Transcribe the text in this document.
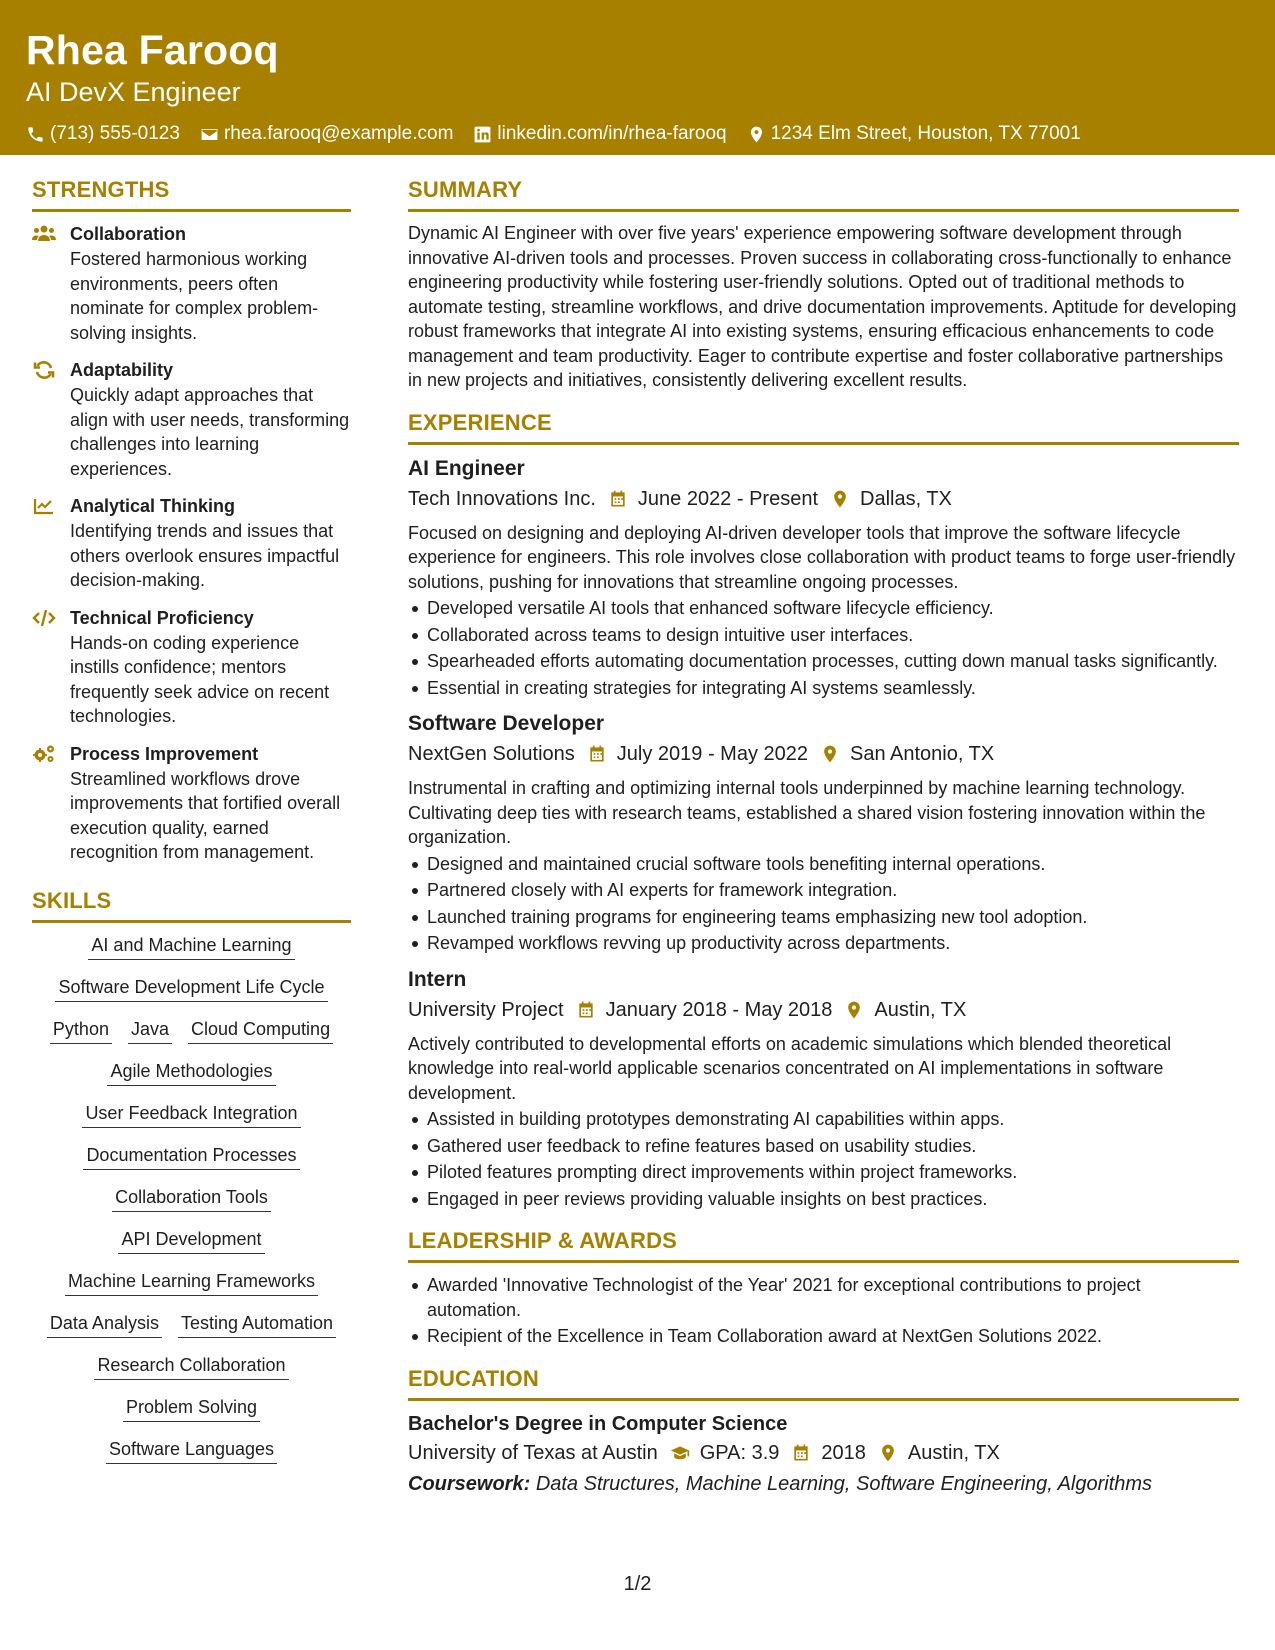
Rhea Farooq
AI DevX Engineer
(713) 555-0123 rhea.farooq@example.com linkedin.com/in/rhea-farooq 1234 Elm Street, Houston, TX 77001
STRENGTHS
Collaboration
Fostered harmonious working environments, peers often nominate for complex problem-solving insights.
Adaptability
Quickly adapt approaches that align with user needs, transforming challenges into learning experiences.
Analytical Thinking
Identifying trends and issues that others overlook ensures impactful decision-making.
Technical Proficiency
Hands-on coding experience instills confidence; mentors frequently seek advice on recent technologies.
Process Improvement
Streamlined workflows drove improvements that fortified overall execution quality, earned recognition from management.
SKILLS
AI and Machine Learning
Software Development Life Cycle
Python Java Cloud Computing
Agile Methodologies
User Feedback Integration
Documentation Processes
Collaboration Tools
API Development
Machine Learning Frameworks
Data Analysis Testing Automation
Research Collaboration
Problem Solving
Software Languages
SUMMARY
Dynamic AI Engineer with over five years' experience empowering software development through innovative AI-driven tools and processes. Proven success in collaborating cross-functionally to enhance engineering productivity while fostering user-friendly solutions. Opted out of traditional methods to automate testing, streamline workflows, and drive documentation improvements. Aptitude for developing robust frameworks that integrate AI into existing systems, ensuring efficacious enhancements to code management and team productivity. Eager to contribute expertise and foster collaborative partnerships in new projects and initiatives, consistently delivering excellent results.
EXPERIENCE
AI Engineer
Tech Innovations Inc. June 2022 - Present Dallas, TX
Focused on designing and deploying AI-driven developer tools that improve the software lifecycle experience for engineers. This role involves close collaboration with product teams to forge user-friendly solutions, pushing for innovations that streamline ongoing processes.
Developed versatile AI tools that enhanced software lifecycle efficiency.
Collaborated across teams to design intuitive user interfaces.
Spearheaded efforts automating documentation processes, cutting down manual tasks significantly.
Essential in creating strategies for integrating AI systems seamlessly.
Software Developer
NextGen Solutions July 2019 - May 2022 San Antonio, TX
Instrumental in crafting and optimizing internal tools underpinned by machine learning technology. Cultivating deep ties with research teams, established a shared vision fostering innovation within the organization.
Designed and maintained crucial software tools benefiting internal operations.
Partnered closely with AI experts for framework integration.
Launched training programs for engineering teams emphasizing new tool adoption.
Revamped workflows revving up productivity across departments.
Intern
University Project January 2018 - May 2018 Austin, TX
Actively contributed to developmental efforts on academic simulations which blended theoretical knowledge into real-world applicable scenarios concentrated on AI implementations in software development.
Assisted in building prototypes demonstrating AI capabilities within apps.
Gathered user feedback to refine features based on usability studies.
Piloted features prompting direct improvements within project frameworks.
Engaged in peer reviews providing valuable insights on best practices.
LEADERSHIP & AWARDS
Awarded 'Innovative Technologist of the Year' 2021 for exceptional contributions to project automation.
Recipient of the Excellence in Team Collaboration award at NextGen Solutions 2022.
EDUCATION
Bachelor's Degree in Computer Science
University of Texas at Austin GPA: 3.9 2018 Austin, TX
Coursework: Data Structures, Machine Learning, Software Engineering, Algorithms
1/2
